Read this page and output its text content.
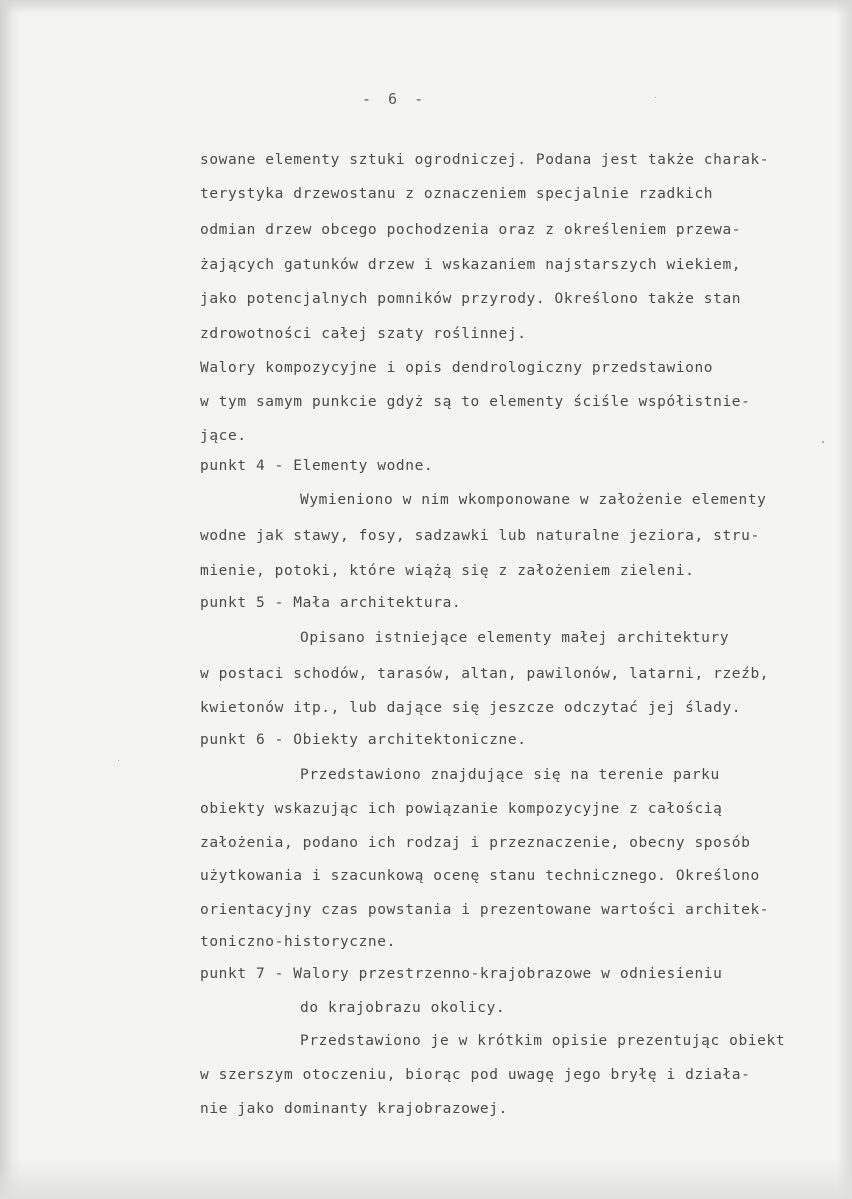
- 6 -

sowane elementy sztuki ogrodniczej. Podana jest także charak-

terystyka drzewostanu z oznaczeniem specjalnie rzadkich

odmian drzew obcego pochodzenia oraz z określeniem przewa-

żających gatunków drzew i wskazaniem najstarszych wiekiem,

jako potencjalnych pomników przyrody. Określono także stan

zdrowotności całej szaty roślinnej.

Walory kompozycyjne i opis dendrologiczny przedstawiono

w tym samym punkcie gdyż są to elementy ściśle współistnie-

jące.

punkt 4 - Elementy wodne.

Wymieniono w nim wkomponowane w założenie elementy

wodne jak stawy, fosy, sadzawki lub naturalne jeziora, stru-

mienie, potoki, które wiążą się z założeniem zieleni.

punkt 5 - Mała architektura.

Opisano istniejące elementy małej architektury

w postaci schodów, tarasów, altan, pawilonów, latarni, rzeźb,

kwietonów itp., lub dające się jeszcze odczytać jej ślady.

punkt 6 - Obiekty architektoniczne.

Przedstawiono znajdujące się na terenie parku

obiekty wskazując ich powiązanie kompozycyjne z całością

założenia, podano ich rodzaj i przeznaczenie, obecny sposób

użytkowania i szacunkową ocenę stanu technicznego. Określono

orientacyjny czas powstania i prezentowane wartości architek-

toniczno-historyczne.

punkt 7 - Walory przestrzenno-krajobrazowe w odniesieniu

do krajobrazu okolicy.

Przedstawiono je w krótkim opisie prezentując obiekt

w szerszym otoczeniu, biorąc pod uwagę jego bryłę i działa-

nie jako dominanty krajobrazowej.
